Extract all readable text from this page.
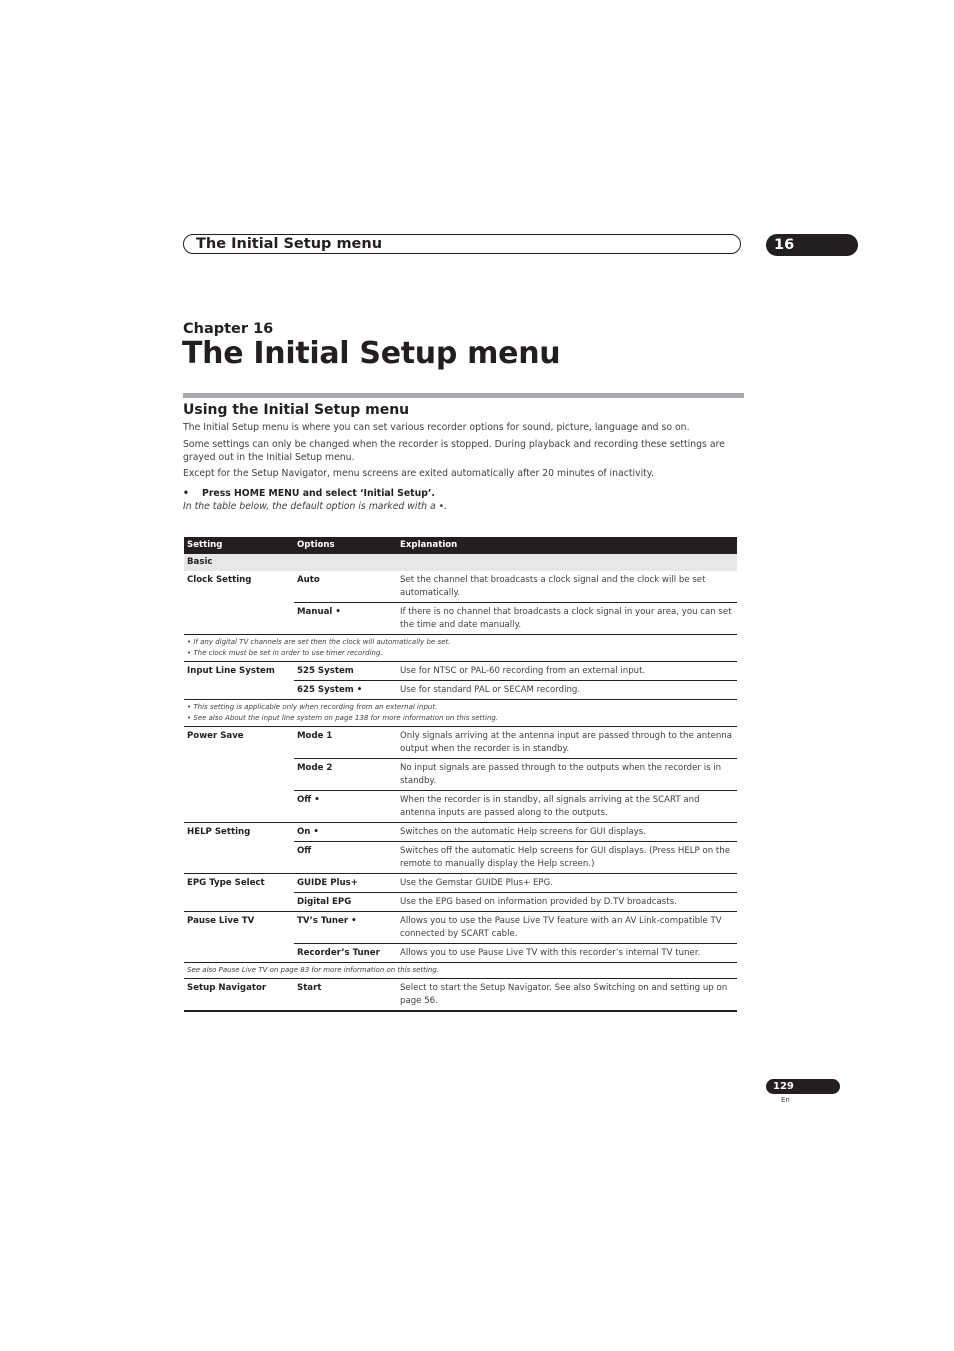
The Initial Setup menu	16
Chapter 16
The Initial Setup menu
Using the Initial Setup menu
The Initial Setup menu is where you can set various recorder options for sound, picture, language and so on.
Some settings can only be changed when the recorder is stopped. During playback and recording these settings are grayed out in the Initial Setup menu.
Except for the Setup Navigator, menu screens are exited automatically after 20 minutes of inactivity.
• Press HOME MENU and select ‘Initial Setup’.
In the table below, the default option is marked with a •.
Setting	Options	Explanation
Basic		
Clock Setting	Auto	Set the channel that broadcasts a clock signal and the clock will be set automatically.
	Manual •	If there is no channel that broadcasts a clock signal in your area, you can set the time and date manually.

• If any digital TV channels are set then the clock will automatically be set.
• The clock must be set in order to use timer recording.		

Input Line System	525 System	Use for NTSC or PAL-60 recording from an external input.
	625 System •	Use for standard PAL or SECAM recording.

• This setting is applicable only when recording from an external input.
• See also About the input line system on page 138 for more information on this setting.		

Power Save	Mode 1	Only signals arriving at the antenna input are passed through to the antenna output when the recorder is in standby.
	Mode 2	No input signals are passed through to the outputs when the recorder is in standby.
	Off •	When the recorder is in standby, all signals arriving at the SCART and antenna inputs are passed along to the outputs.
HELP Setting	On •	Switches on the automatic Help screens for GUI displays.
	Off	Switches off the automatic Help screens for GUI displays. (Press HELP on the remote to manually display the Help screen.)
EPG Type Select	GUIDE Plus+	Use the Gemstar GUIDE Plus+ EPG.
	Digital EPG	Use the EPG based on information provided by D.TV broadcasts.
Pause Live TV	TV’s Tuner •	Allows you to use the Pause Live TV feature with an AV Link-compatible TV connected by SCART cable.
	Recorder’s Tuner	Allows you to use Pause Live TV with this recorder’s internal TV tuner.

See also Pause Live TV on page 83 for more information on this setting.		

Setup Navigator	Start	Select to start the Setup Navigator. See also Switching on and setting up on page 56.
129
En
